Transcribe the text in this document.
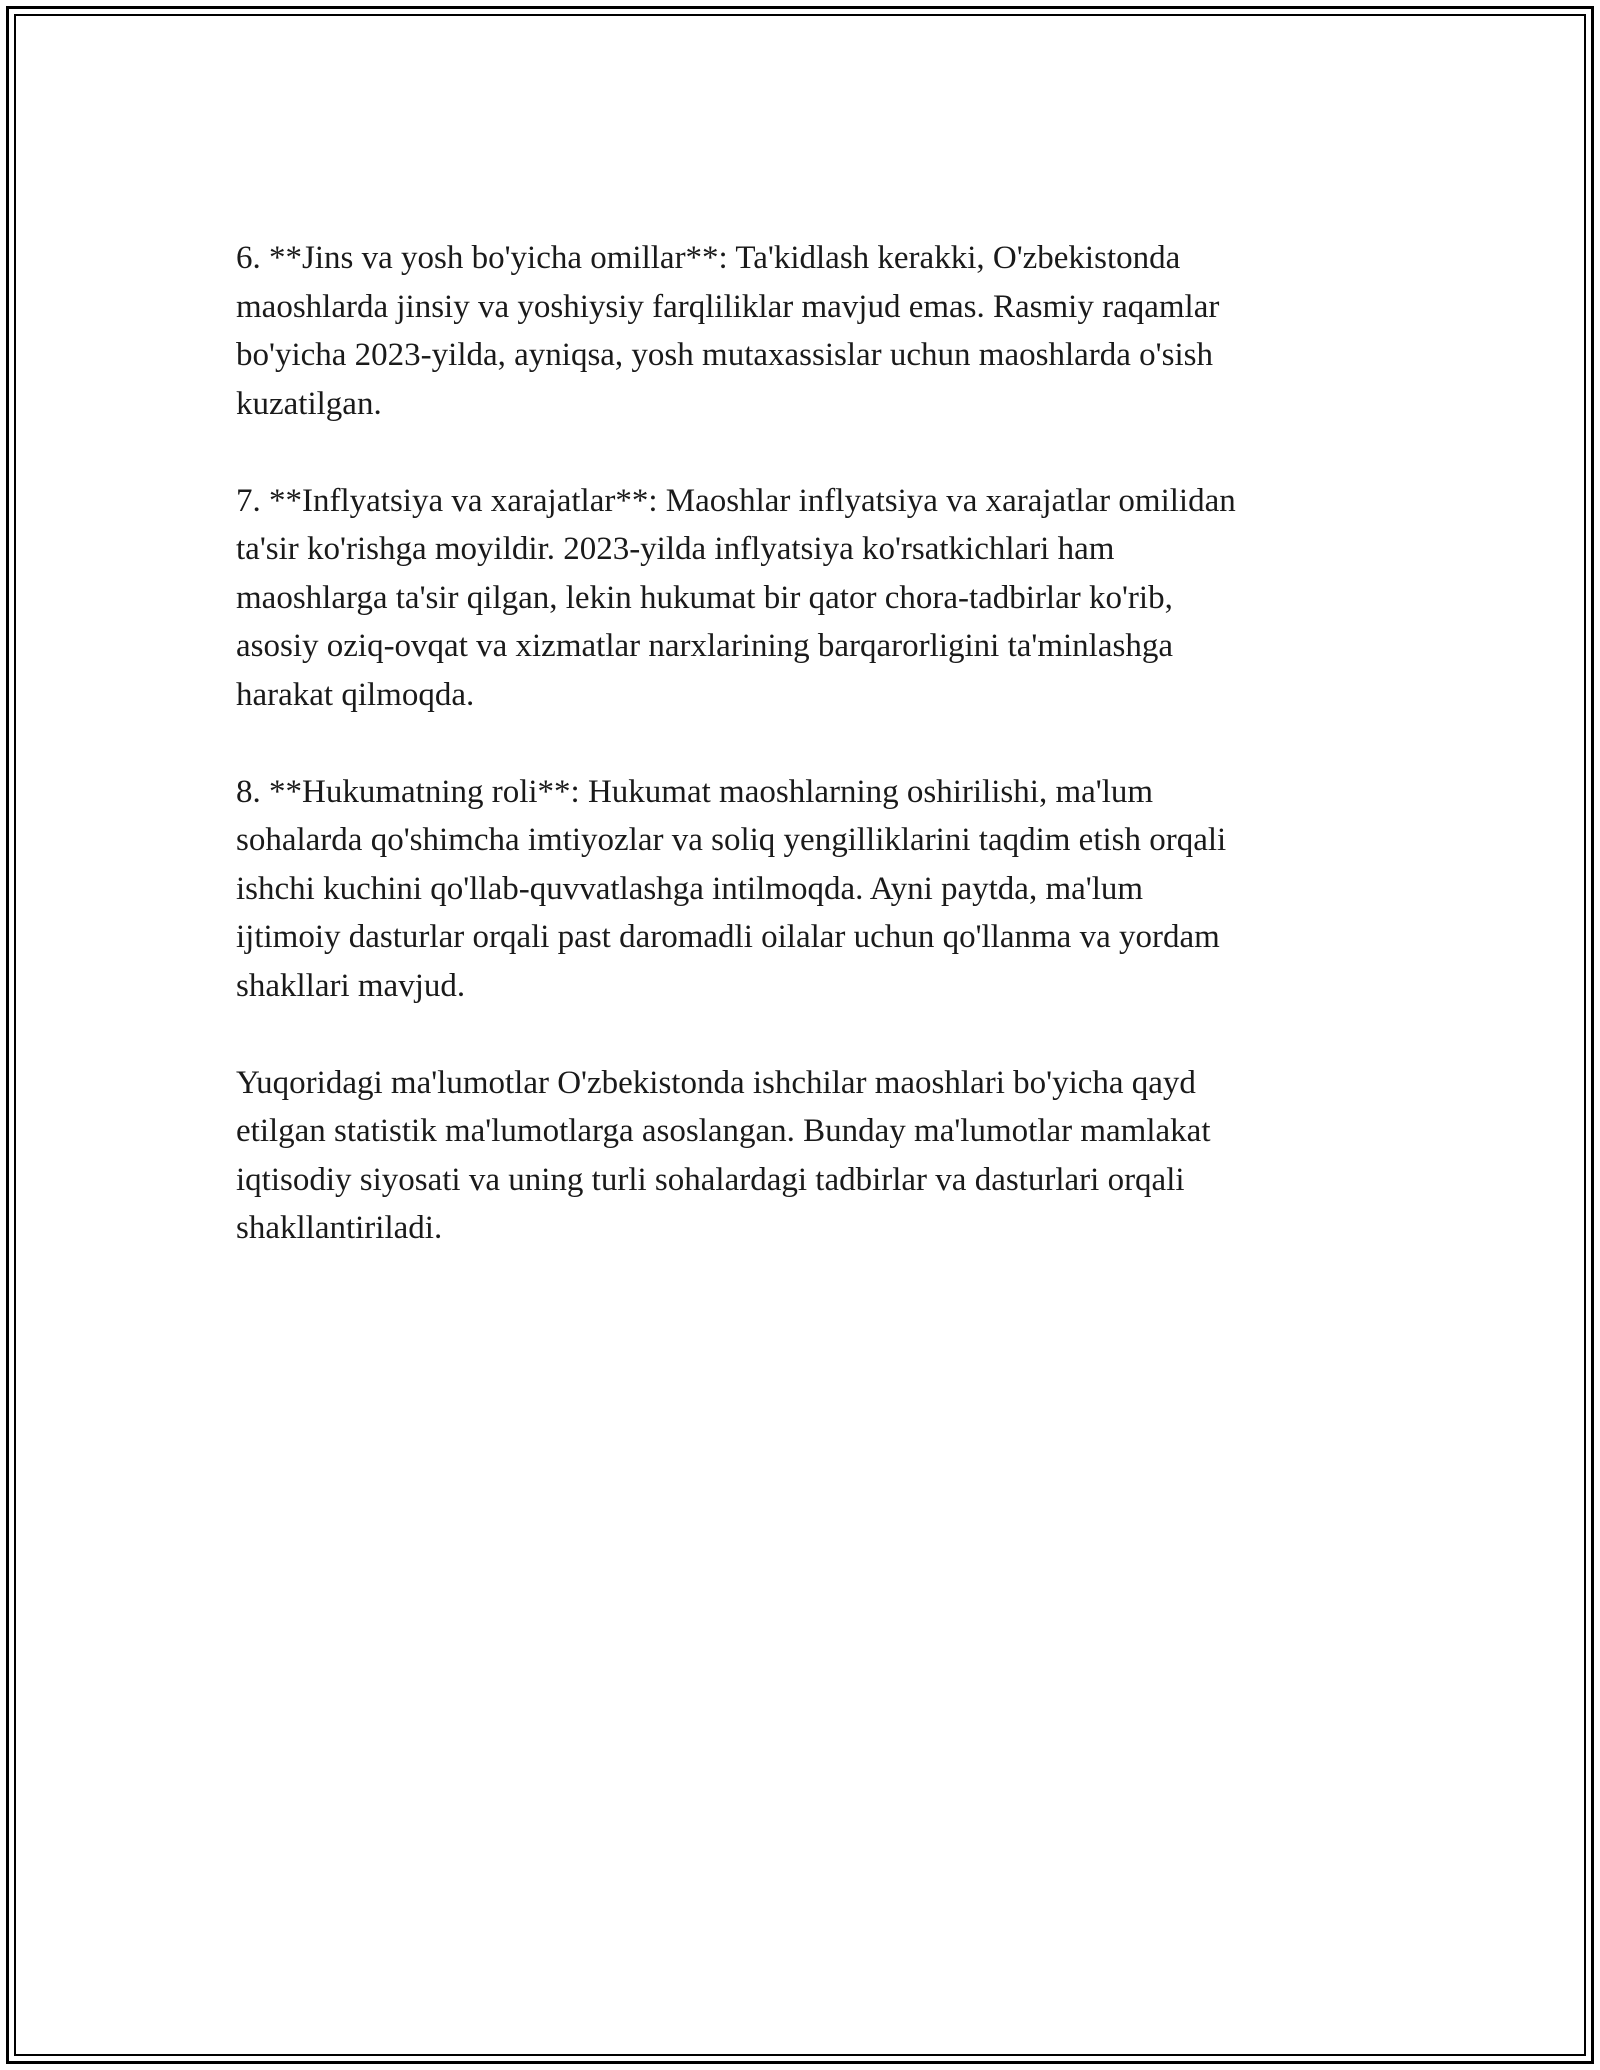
6. **Jins va yosh bo'yicha omillar**: Ta'kidlash kerakki, O'zbekistonda
maoshlarda jinsiy va yoshiysiy farqliliklar mavjud emas. Rasmiy raqamlar
bo'yicha 2023-yilda, ayniqsa, yosh mutaxassislar uchun maoshlarda o'sish
kuzatilgan.

7. **Inflyatsiya va xarajatlar**: Maoshlar inflyatsiya va xarajatlar omilidan
ta'sir ko'rishga moyildir. 2023-yilda inflyatsiya ko'rsatkichlari ham
maoshlarga ta'sir qilgan, lekin hukumat bir qator chora-tadbirlar ko'rib,
asosiy oziq-ovqat va xizmatlar narxlarining barqarorligini ta'minlashga
harakat qilmoqda.

8. **Hukumatning roli**: Hukumat maoshlarning oshirilishi, ma'lum
sohalarda qo'shimcha imtiyozlar va soliq yengilliklarini taqdim etish orqali
ishchi kuchini qo'llab-quvvatlashga intilmoqda. Ayni paytda, ma'lum
ijtimoiy dasturlar orqali past daromadli oilalar uchun qo'llanma va yordam
shakllari mavjud.

Yuqoridagi ma'lumotlar O'zbekistonda ishchilar maoshlari bo'yicha qayd
etilgan statistik ma'lumotlarga asoslangan. Bunday ma'lumotlar mamlakat
iqtisodiy siyosati va uning turli sohalardagi tadbirlar va dasturlari orqali
shakllantiriladi.
